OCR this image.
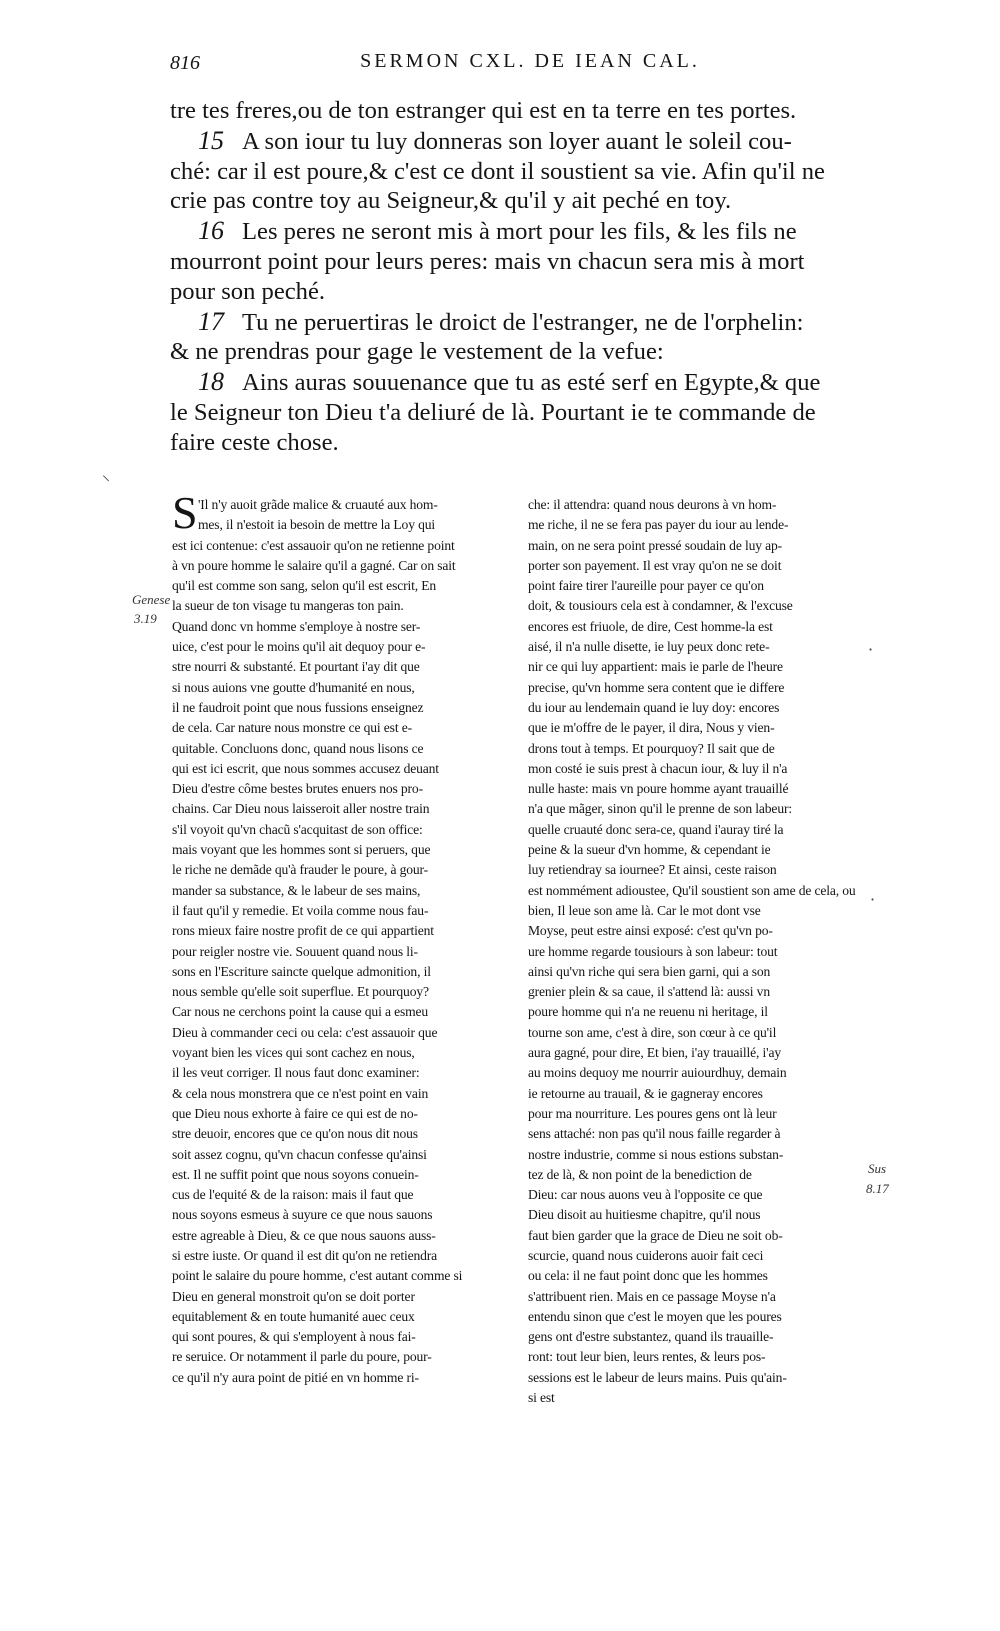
816	SERMON CXL. DE IEAN CAL.
tre tes freres,ou de ton estranger qui est en ta terre en tes portes.
15 A son iour tu luy donneras son loyer auant le soleil cou-
ché: car il est poure,& c'est ce dont il soustient sa vie. Afin qu'il ne
crie pas contre toy au Seigneur,& qu'il y ait peché en toy.
16 Les peres ne seront mis à mort pour les fils, & les fils ne
mourront point pour leurs peres: mais vn chacun sera mis à mort
pour son peché.
17 Tu ne peruertiras le droict de l'estranger, ne de l'orphelin:
& ne prendras pour gage le vestement de la vefue:
18 Ains auras souuenance que tu as esté serf en Egypte,& que
le Seigneur ton Dieu t'a deliuré de là. Pourtant ie te commande de
faire ceste chose.
S 'Il n'y auoit grãde malice & cruauté aux hom-
mes, il n'estoit ia besoin de mettre la Loy qui
est ici contenue: c'est assauoir qu'on ne retienne point
à vn poure homme le salaire qu'il a gagné. Car on sait
qu'il est comme son sang, selon qu'il est escrit, En
la sueur de ton visage tu mangeras ton pain.
Quand donc vn homme s'employe à nostre ser-
uice, c'est pour le moins qu'il ait dequoy pour e-
stre nourri & substanté. Et pourtant i'ay dit que
si nous auions vne goutte d'humanité en nous,
il ne faudroit point que nous fussions enseignez
de cela. Car nature nous monstre ce qui est e-
quitable. Concluons donc, quand nous lisons ce
qui est ici escrit, que nous sommes accusez deuant
Dieu d'estre côme bestes brutes enuers nos pro-
chains. Car Dieu nous laisseroit aller nostre train
s'il voyoit qu'vn chacũ s'acquitast de son office:
mais voyant que les hommes sont si peruers, que
le riche ne demãde qu'à frauder le poure, à gour-
mander sa substance, & le labeur de ses mains,
il faut qu'il y remedie. Et voila comme nous fau-
rons mieux faire nostre profit de ce qui appartient
pour reigler nostre vie. Souuent quand nous li-
sons en l'Escriture saincte quelque admonition, il
nous semble qu'elle soit superflue. Et pourquoy?
Car nous ne cerchons point la cause qui a esmeu
Dieu à commander ceci ou cela: c'est assauoir que
voyant bien les vices qui sont cachez en nous,
il les veut corriger. Il nous faut donc examiner:
& cela nous monstrera que ce n'est point en vain
que Dieu nous exhorte à faire ce qui est de no-
stre deuoir, encores que ce qu'on nous dit nous
soit assez cognu, qu'vn chacun confesse qu'ainsi
est. Il ne suffit point que nous soyons conuein-
cus de l'equité & de la raison: mais il faut que
nous soyons esmeus à suyure ce que nous sauons
estre agreable à Dieu, & ce que nous sauons auss-
si estre iuste. Or quand il est dit qu'on ne retiendra
point le salaire du poure homme, c'est autant comme si
Dieu en general monstroit qu'on se doit porter
equitablement & en toute humanité auec ceux
qui sont poures, & qui s'employent à nous fai-
re seruice. Or notamment il parle du poure, pour-
ce qu'il n'y aura point de pitié en vn homme ri-
che: il attendra: quand nous deurons à vn hom-
me riche, il ne se fera pas payer du iour au lende-
main, on ne sera point pressé soudain de luy ap-
porter son payement. Il est vray qu'on ne se doit
point faire tirer l'aureille pour payer ce qu'on
doit, & tousiours cela est à condamner, & l'excuse
encores est friuole, de dire, Cest homme-la est
aisé, il n'a nulle disette, ie luy peux donc rete-
nir ce qui luy appartient: mais ie parle de l'heure
precise, qu'vn homme sera content que ie differe
du iour au lendemain quand ie luy doy: encores
que ie m'offre de le payer, il dira, Nous y vien-
drons tout à temps. Et pourquoy? Il sait que de
mon costé ie suis prest à chacun iour, & luy il n'a
nulle haste: mais vn poure homme ayant trauaillé
n'a que mãger, sinon qu'il le prenne de son labeur:
quelle cruauté donc sera-ce, quand i'auray tiré la
peine & la sueur d'vn homme, & cependant ie
luy retiendray sa iournee? Et ainsi, ceste raison
est nommément adioustee, Qu'il soustient son ame de cela, ou
bien, Il leue son ame là. Car le mot dont vse
Moyse, peut estre ainsi exposé: c'est qu'vn po-
ure homme regarde tousiours à son labeur: tout
ainsi qu'vn riche qui sera bien garni, qui a son
grenier plein & sa caue, il s'attend là: aussi vn
poure homme qui n'a ne reuenu ni heritage, il
tourne son ame, c'est à dire, son cœur à ce qu'il
aura gagné, pour dire, Et bien, i'ay trauaillé, i'ay
au moins dequoy me nourrir auiourdhuy, demain
ie retourne au trauail, & ie gagneray encores
pour ma nourriture. Les poures gens ont là leur
sens attaché: non pas qu'il nous faille regarder à
nostre industrie, comme si nous estions substan-
tez de là, & non point de la benediction de
Dieu: car nous auons veu à l'opposite ce que
Dieu disoit au huitiesme chapitre, qu'il nous
faut bien garder que la grace de Dieu ne soit ob-
scurcie, quand nous cuiderons auoir fait ceci
ou cela: il ne faut point donc que les hommes
s'attribuent rien. Mais en ce passage Moyse n'a
entendu sinon que c'est le moyen que les poures
gens ont d'estre substantez, quand ils trauaille-
ront: tout leur bien, leurs rentes, & leurs pos-
sessions est le labeur de leurs mains. Puis qu'ain-
si est
Genese
3.19
Sus
8.17
⸜
·
·
